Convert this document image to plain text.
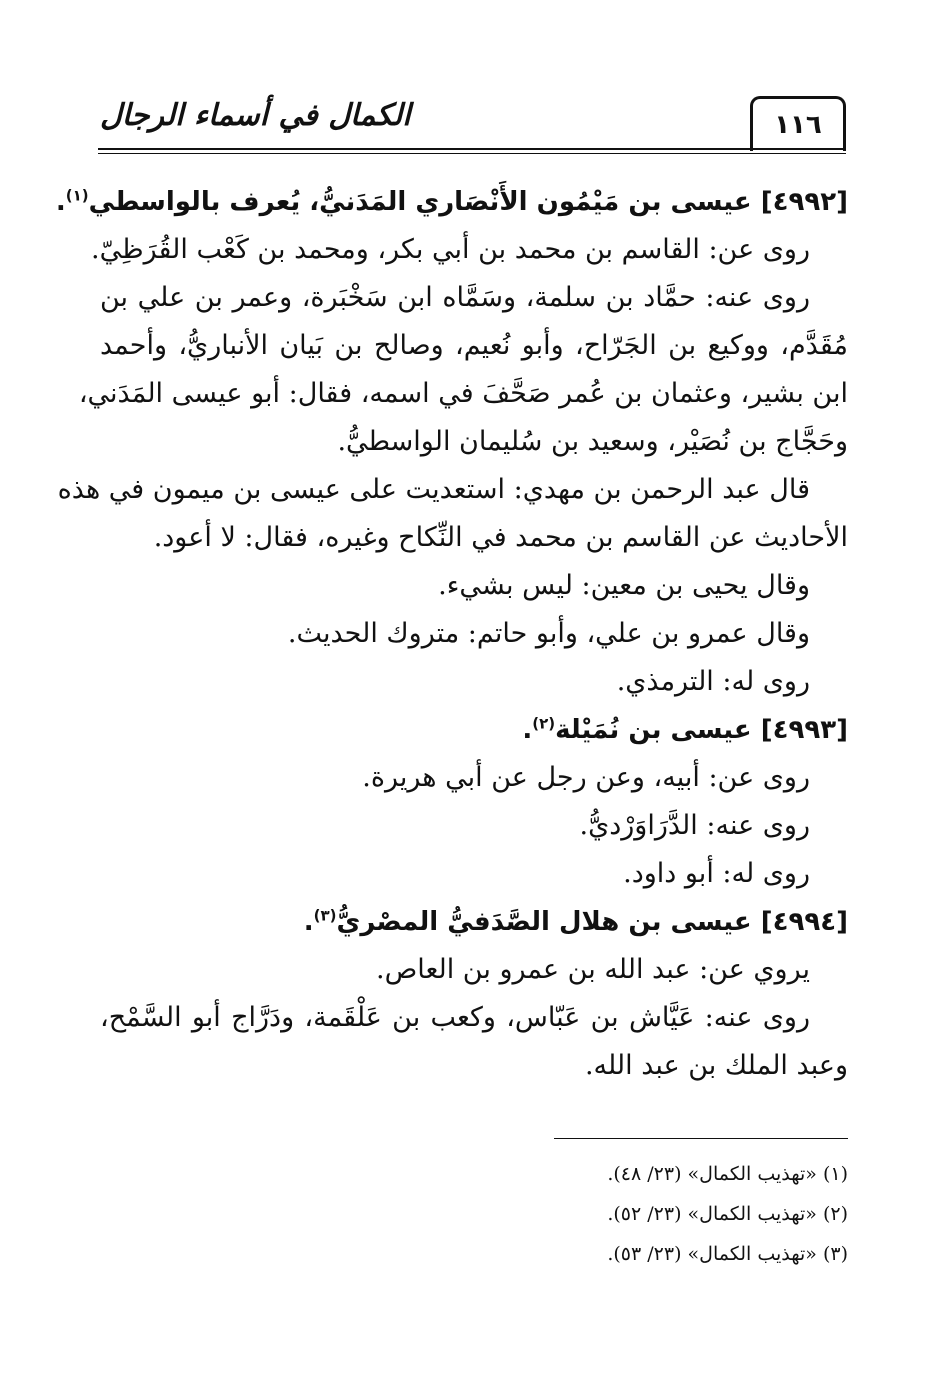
الكمال في أسماء الرجال	١١٦
[٤٩٩٢] عيسى بن مَيْمُون الأَنْصَاري المَدَنيُّ، يُعرف بالواسطي$^{(١)}$.
روى عن: القاسم بن محمد بن أبي بكر، ومحمد بن كَعْب القُرَظِيّ.
روى عنه: حمَّاد بن سلمة، وسَمَّاه ابن سَخْبَرة، وعمر بن علي بن
مُقَدَّم، ووكيع بن الجَرّاح، وأبو نُعيم، وصالح بن بَيان الأنباريُّ، وأحمد
ابن بشير، وعثمان بن عُمر صَحَّفَ في اسمه، فقال: أبو عيسى المَدَني،
وحَجَّاج بن نُصَيْر، وسعيد بن سُليمان الواسطيُّ.
قال عبد الرحمن بن مهدي: استعديت على عيسى بن ميمون في هذه
الأحاديث عن القاسم بن محمد في النِّكاح وغيره، فقال: لا أعود.
وقال يحيى بن معين: ليس بشيء.
وقال عمرو بن علي، وأبو حاتم: متروك الحديث.
روى له: الترمذي.
[٤٩٩٣] عيسى بن نُمَيْلة$^{(٢)}$.
روى عن: أبيه، وعن رجل عن أبي هريرة.
روى عنه: الدَّرَاوَرْديُّ.
روى له: أبو داود.
[٤٩٩٤] عيسى بن هلال الصَّدَفيُّ المصْريُّ$^{(٣)}$.
يروي عن: عبد الله بن عمرو بن العاص.
روى عنه: عَيَّاش بن عَبّاس، وكعب بن عَلْقَمة، ودَرَّاج أبو السَّمْح،
وعبد الملك بن عبد الله.
(١) «تهذيب الكمال» (٢٣/ ٤٨).
(٢) «تهذيب الكمال» (٢٣/ ٥٢).
(٣) «تهذيب الكمال» (٢٣/ ٥٣).
